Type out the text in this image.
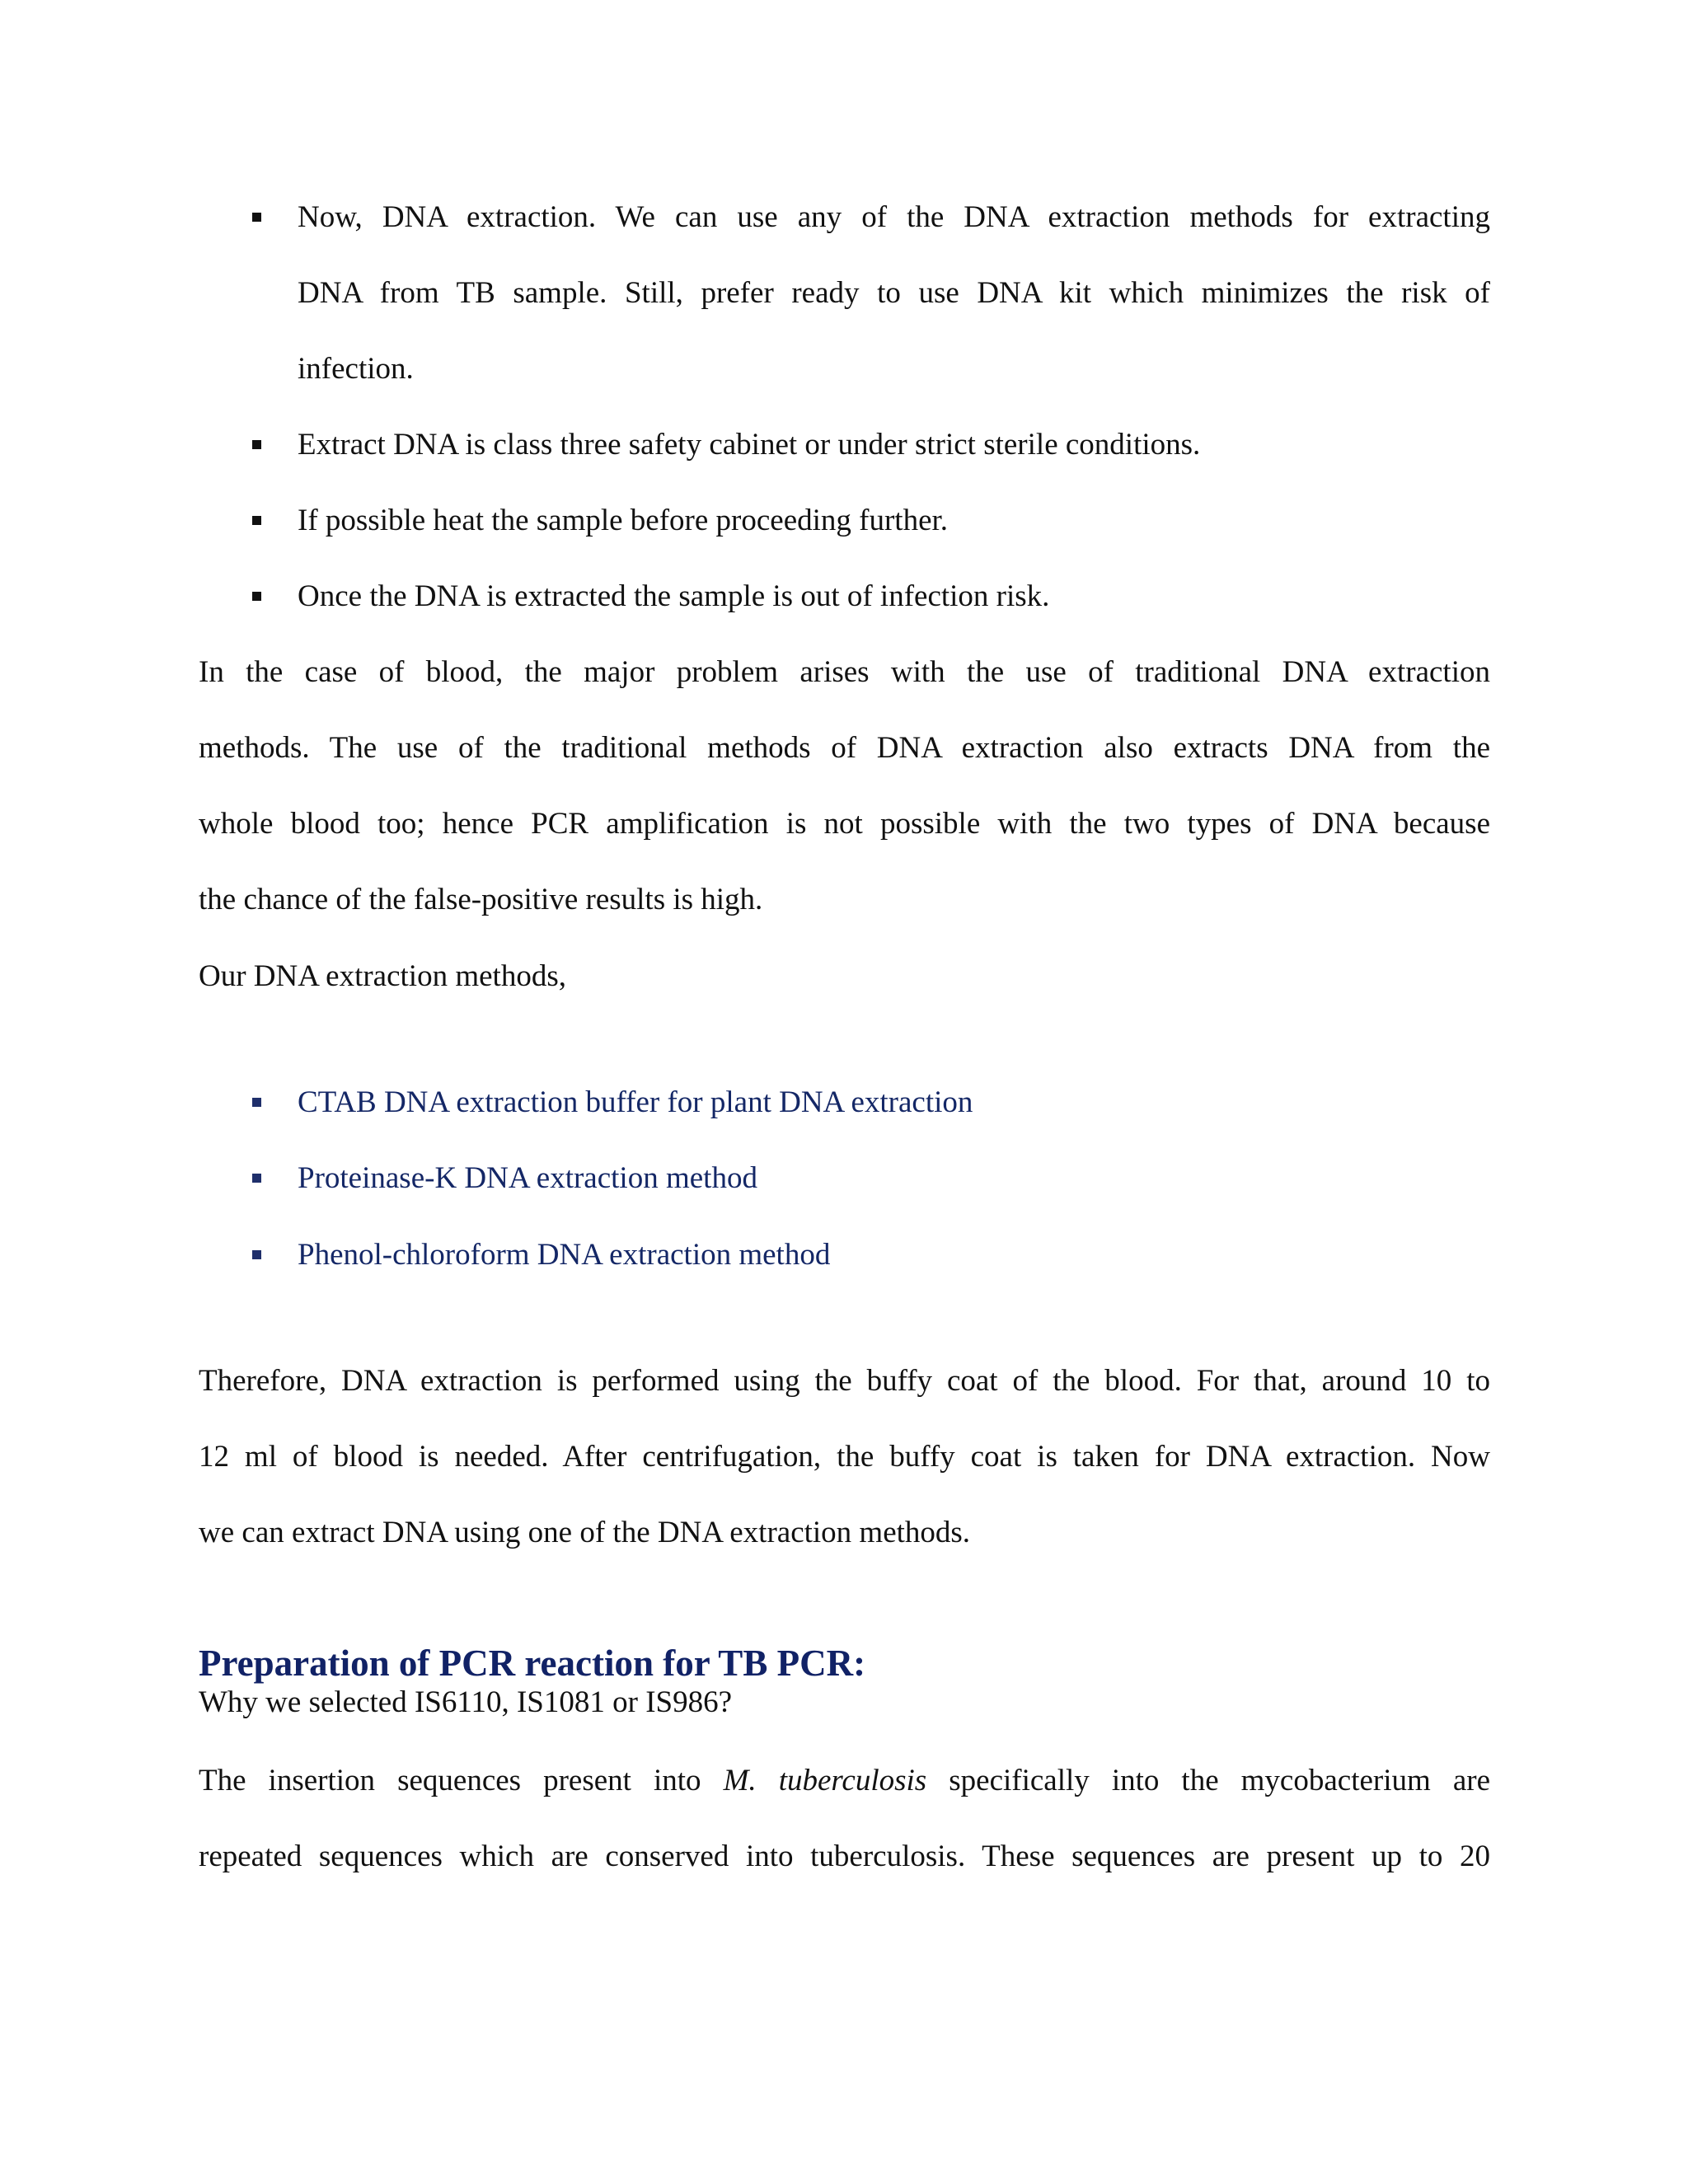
Now, DNA extraction. We can use any of the DNA extraction methods for extracting
DNA from TB sample. Still, prefer ready to use DNA kit which minimizes the risk of
infection.
Extract DNA is class three safety cabinet or under strict sterile conditions.
If possible heat the sample before proceeding further.
Once the DNA is extracted the sample is out of infection risk.
In the case of blood, the major problem arises with the use of traditional DNA extraction
methods. The use of the traditional methods of DNA extraction also extracts DNA from the
whole blood too; hence PCR amplification is not possible with the two types of DNA because
the chance of the false-positive results is high.
Our DNA extraction methods,
CTAB DNA extraction buffer for plant DNA extraction
Proteinase-K DNA extraction method
Phenol-chloroform DNA extraction method
Therefore, DNA extraction is performed using the buffy coat of the blood. For that, around 10 to
12 ml of blood is needed. After centrifugation, the buffy coat is taken for DNA extraction. Now
we can extract DNA using one of the DNA extraction methods.
Preparation of PCR reaction for TB PCR:
Why we selected IS6110, IS1081 or IS986?
The insertion sequences present into M. tuberculosis specifically into the mycobacterium are
repeated sequences which are conserved into tuberculosis. These sequences are present up to 20
